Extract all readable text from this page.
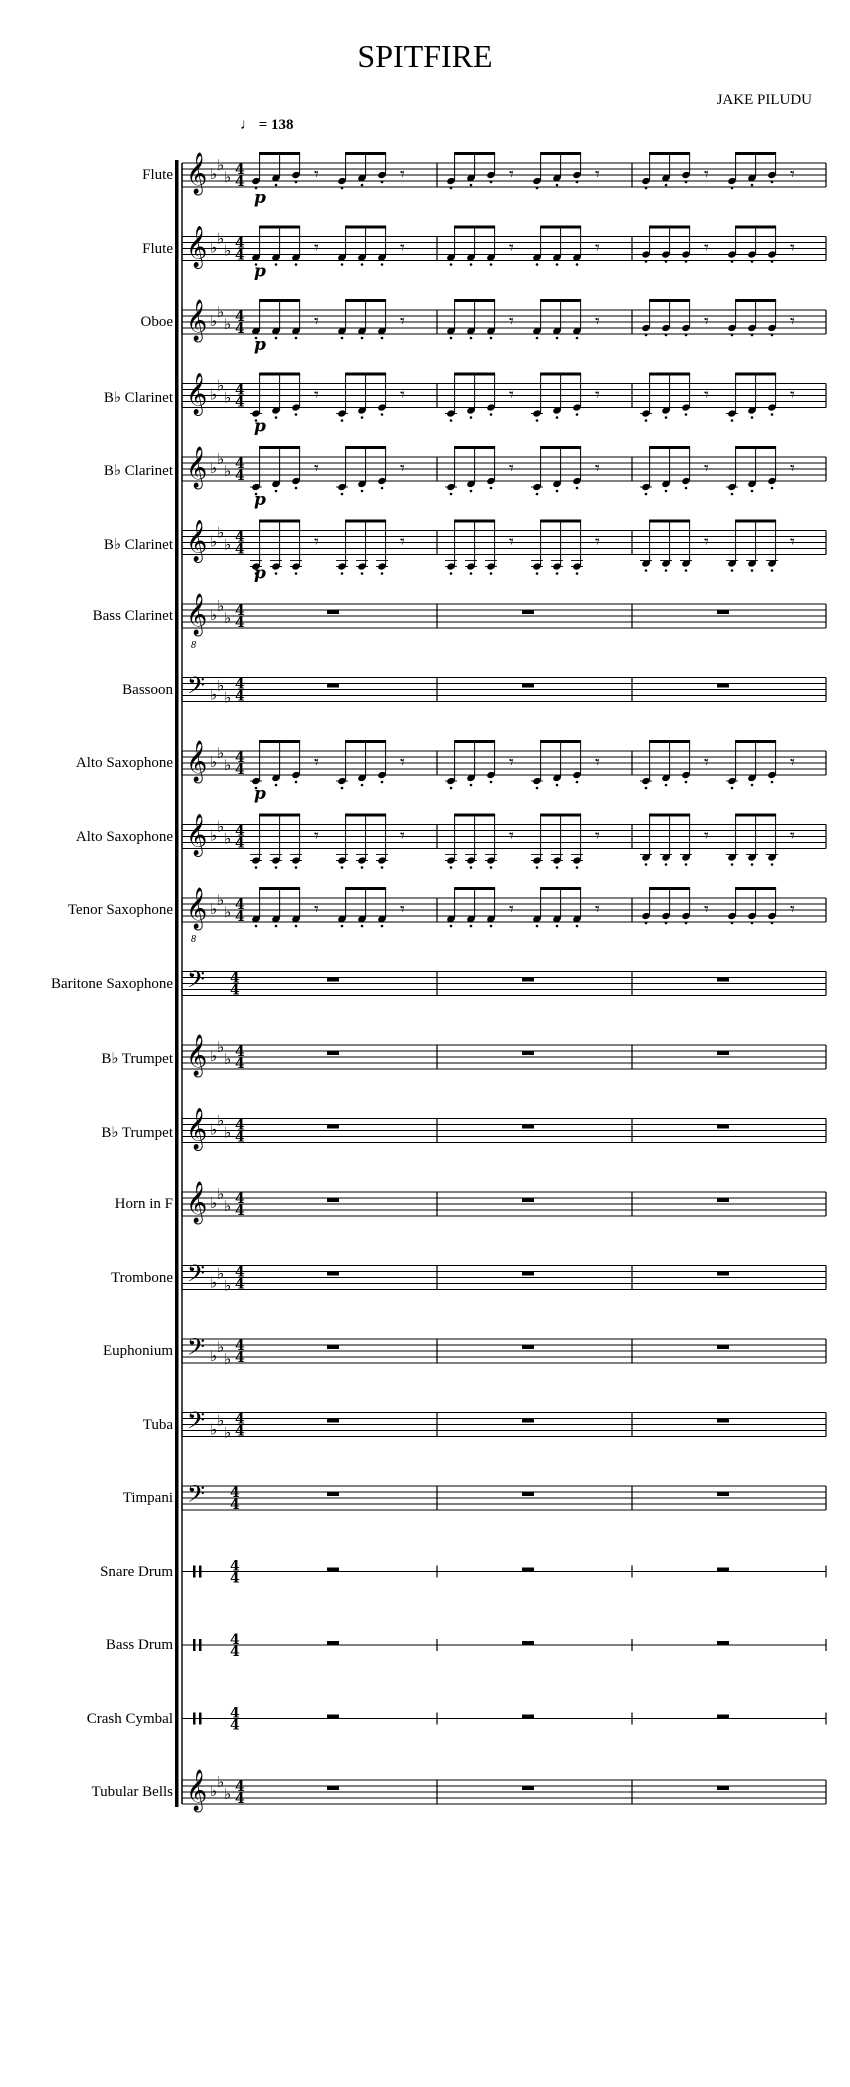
SPITFIRE
JAKE PILUDU
♩ = 138
Flute
Flute
Oboe
B♭ Clarinet
B♭ Clarinet
B♭ Clarinet
Bass Clarinet
Bassoon
Alto Saxophone
Alto Saxophone
Tenor Saxophone
Baritone Saxophone
B♭ Trumpet
B♭ Trumpet
Horn in F
Trombone
Euphonium
Tuba
Timpani
Snare Drum
Bass Drum
Crash Cymbal
Tubular Bells
𝄞 ♭ ♭
♭ 4
4	𝄾	𝄾	𝄾	𝄾	𝄾	𝄾
p
𝄞 ♭ ♭
♭ 4
4	𝄾	𝄾	𝄾	𝄾	𝄾	𝄾
p
𝄞 ♭ ♭
♭ 4
4	𝄾	𝄾	𝄾	𝄾	𝄾	𝄾
p
𝄞 ♭ ♭
♭ 4
4	𝄾	𝄾	𝄾	𝄾	𝄾	𝄾
p
𝄞 ♭ ♭
♭ 4
4	𝄾	𝄾	𝄾	𝄾	𝄾	𝄾
p
𝄞 ♭ ♭
♭ 4
4	𝄾	𝄾	𝄾	𝄾	𝄾	𝄾
p
𝄞
8
♭ ♭
♭ 4
4
𝄢 ♭ ♭
♭
4
4
𝄞 ♭ ♭
♭ 4
4	𝄾	𝄾	𝄾	𝄾	𝄾	𝄾
p
𝄞 ♭ ♭
♭ 4
4	𝄾	𝄾	𝄾	𝄾	𝄾	𝄾
𝄞
8
♭ ♭
♭ 4
4	𝄾	𝄾	𝄾	𝄾	𝄾	𝄾
𝄢 4
4
𝄞 ♭ ♭
♭ 4
4
𝄞 ♭ ♭
♭ 4
4
𝄞 ♭ ♭
♭ 4
4
𝄢 ♭ ♭
♭
4
4
𝄢 ♭ ♭
♭
4
4
𝄢 ♭ ♭
♭
4
4
𝄢 4
4
4
4
4
4
4
4
𝄞 ♭ ♭
♭ 4
4
